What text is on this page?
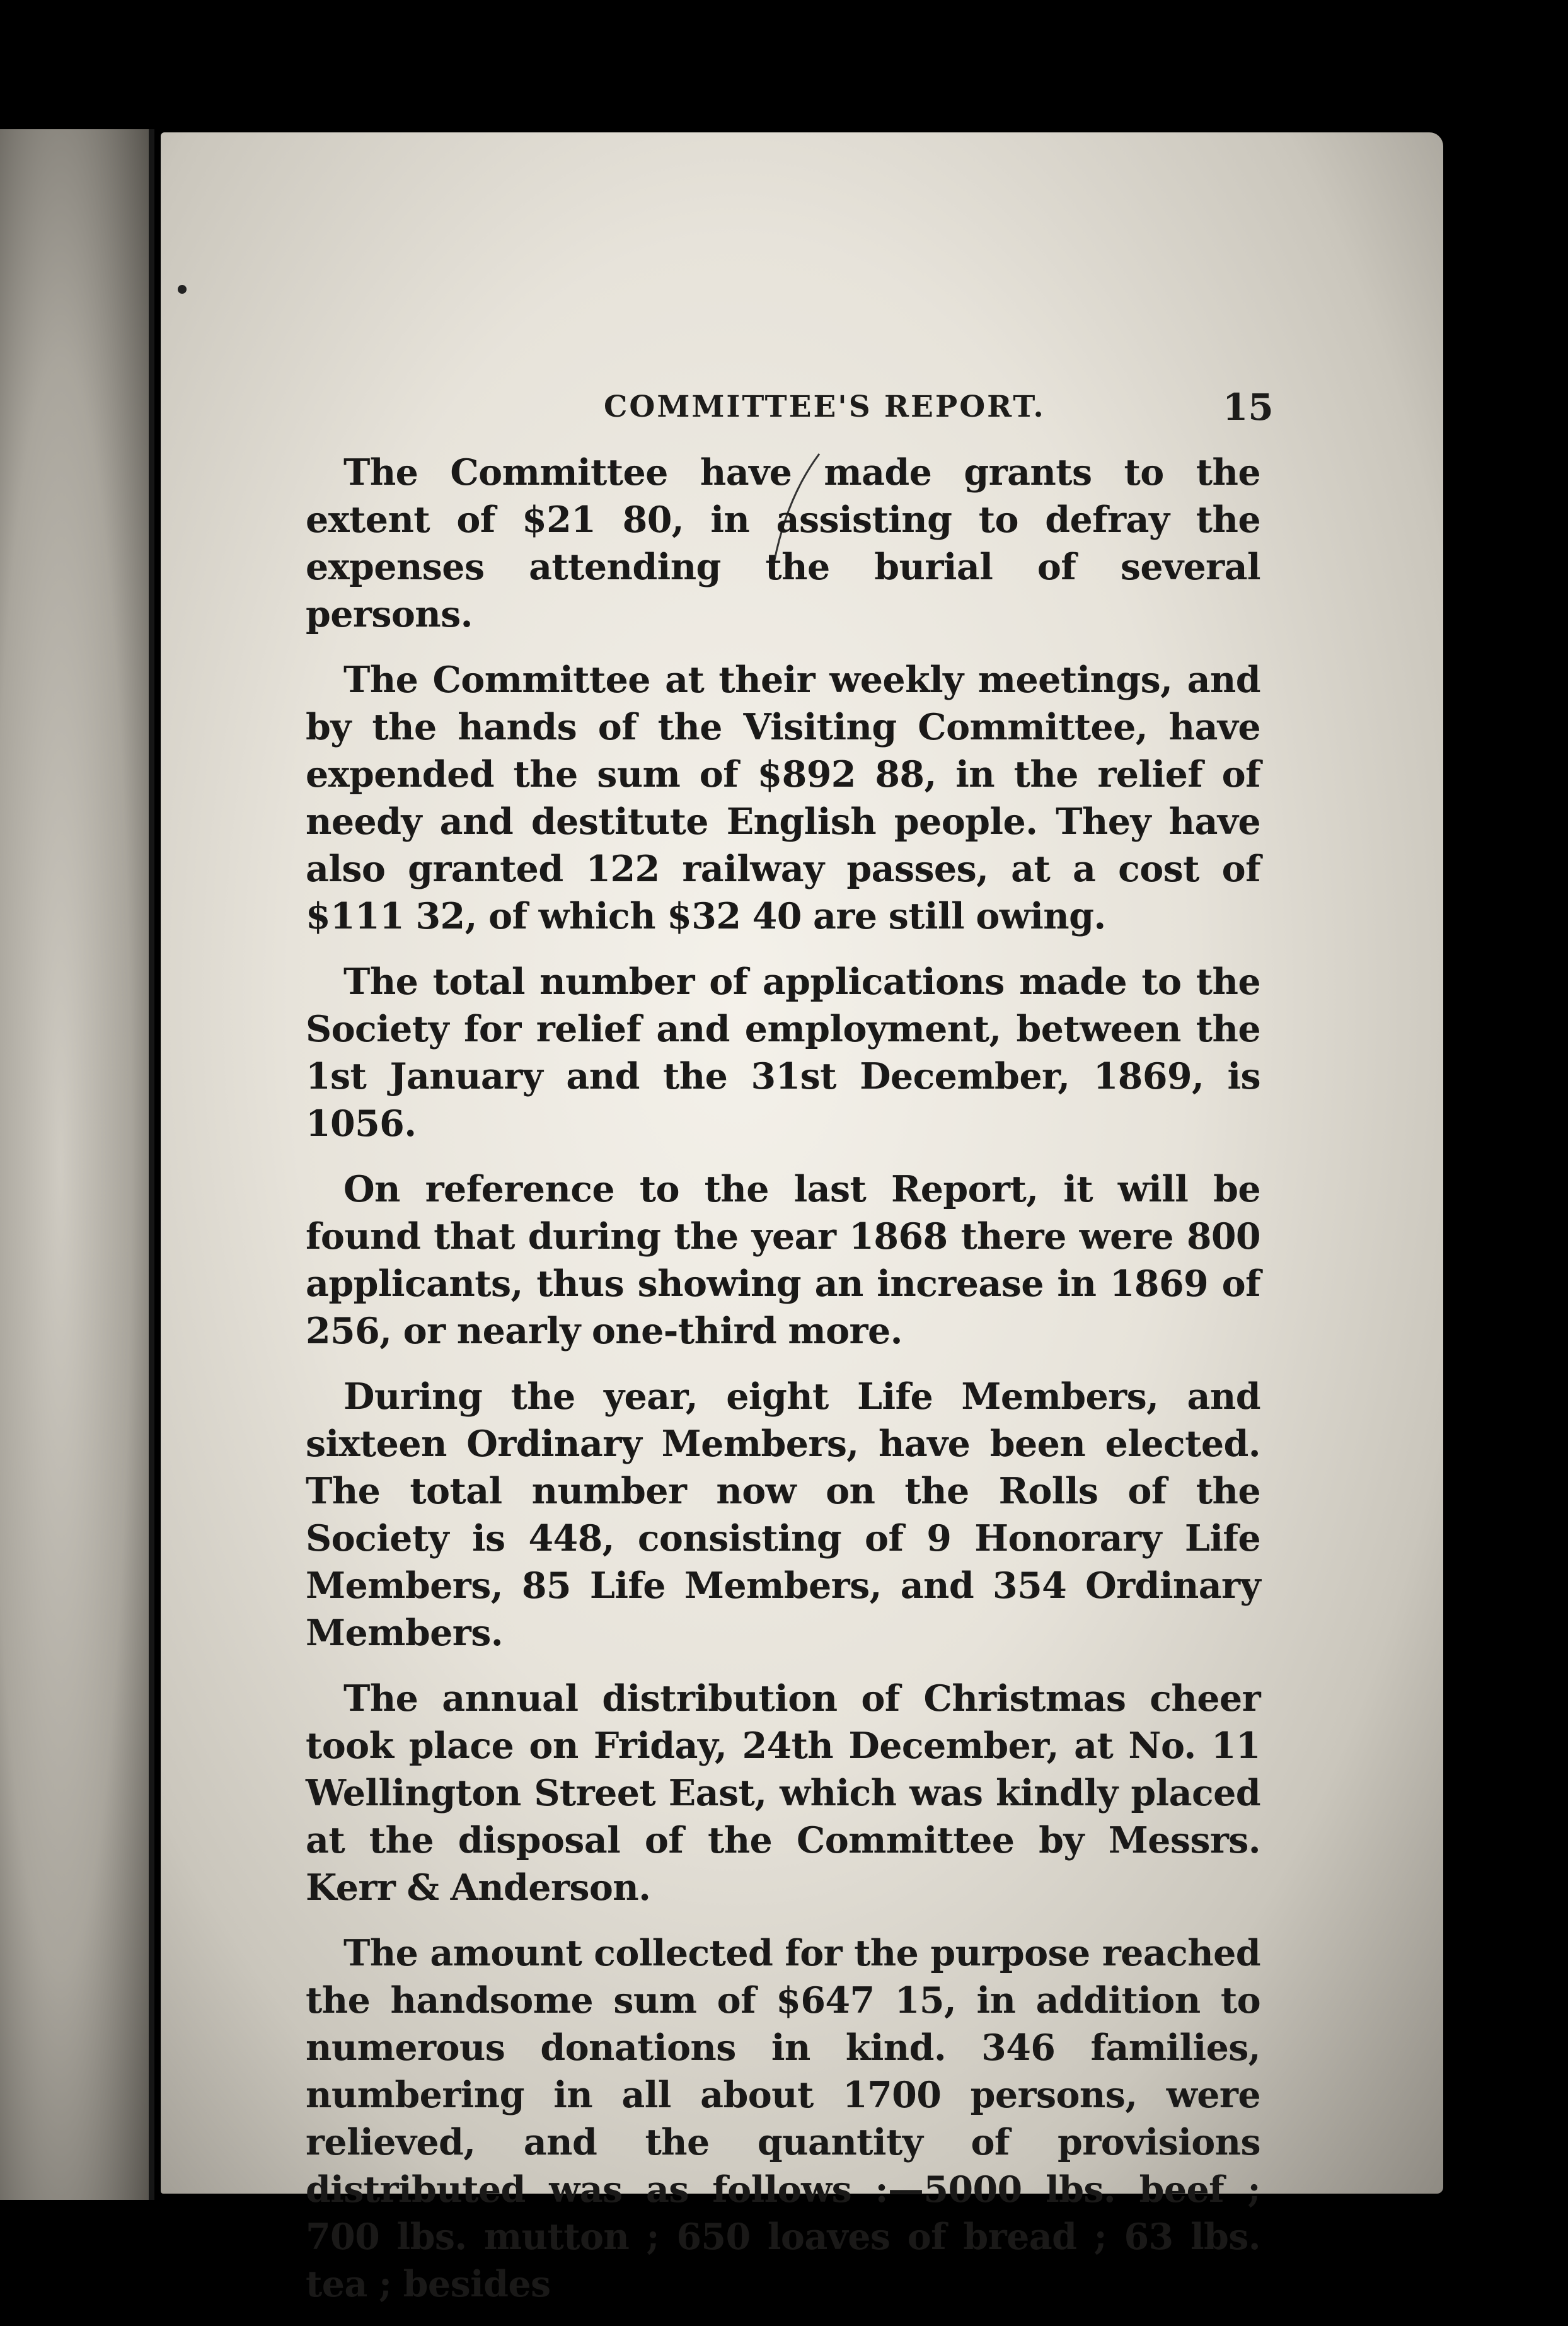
COMMITTEE'S REPORT.	15

The Committee have made grants to the extent of $21 80, in assisting to defray the expenses attending the burial of several persons.

The Committee at their weekly meetings, and by the hands of the Visiting Committee, have expended the sum of $892 88, in the relief of needy and destitute English people. They have also granted 122 railway passes, at a cost of $111 32, of which $32 40 are still owing.

The total number of applications made to the Society for relief and employment, between the 1st January and the 31st December, 1869, is 1056.

On reference to the last Report, it will be found that during the year 1868 there were 800 applicants, thus showing an increase in 1869 of 256, or nearly one-third more.

During the year, eight Life Members, and sixteen Ordinary Members, have been elected. The total number now on the Rolls of the Society is 448, consisting of 9 Honorary Life Members, 85 Life Members, and 354 Ordinary Members.

The annual distribution of Christmas cheer took place on Friday, 24th December, at No. 11 Wellington Street East, which was kindly placed at the disposal of the Committee by Messrs. Kerr & Anderson.

The amount collected for the purpose reached the handsome sum of $647 15, in addition to numerous donations in kind. 346 families, numbering in all about 1700 persons, were relieved, and the quantity of provisions distributed was as follows :—5000 lbs. beef ; 700 lbs. mutton ; 650 loaves of bread ; 63 lbs. tea ; besides
